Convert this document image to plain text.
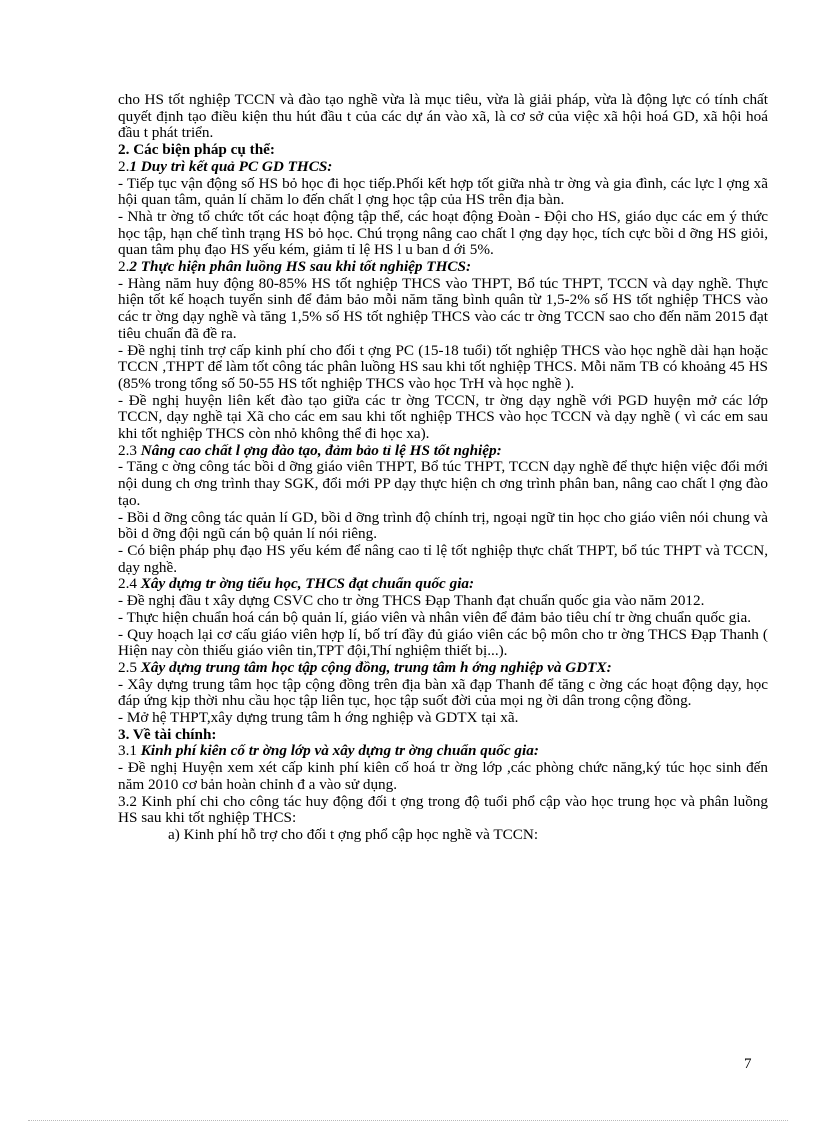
cho HS tốt nghiệp TCCN và đào tạo nghề vừa là mục tiêu, vừa là giải pháp, vừa là động lực có tính chất quyết định tạo điều kiện thu hút đầu t của các dự án vào xã, là cơ sở của việc xã hội hoá GD, xã hội hoá đầu t phát triển.

2. Các biện pháp cụ thể:

2.1 Duy trì kết quả PC GD THCS:

- Tiếp tục vận động số HS bỏ học đi học tiếp.Phối kết hợp tốt giữa nhà tr ờng và gia đình, các lực l ợng xã hội quan tâm, quản lí chăm lo đến chất l ợng học tập của HS trên địa bàn.

- Nhà tr ờng tổ chức tốt các hoạt động tập thể, các hoạt động Đoàn - Đội cho HS, giáo dục các em ý thức học tập, hạn chế tình trạng HS bỏ học. Chú trọng nâng cao chất l ợng dạy học, tích cực bồi d ỡng HS giỏi, quan tâm phụ đạo HS yếu kém, giảm tỉ lệ HS l u ban d ới 5%.

2.2 Thực hiện phân luồng HS sau khi tốt nghiệp THCS:

- Hàng năm huy động 80-85% HS tốt nghiệp THCS vào THPT, Bổ túc THPT, TCCN và dạy nghề. Thực hiện tốt kế hoạch tuyển sinh để đảm bảo mỗi năm tăng bình quân từ 1,5-2% số HS tốt nghiệp THCS vào các tr ờng dạy nghề và tăng 1,5% số HS tốt nghiệp THCS vào các tr ờng TCCN sao cho đến năm 2015 đạt tiêu chuẩn đã đề ra.

- Đề nghị tỉnh trợ cấp kinh phí cho đối t ợng PC (15-18 tuổi) tốt nghiệp THCS vào học nghề dài hạn hoặc TCCN ,THPT để làm tốt công tác phân luồng HS sau khi tốt nghiệp THCS. Mỗi năm TB có khoảng 45 HS (85% trong tổng số 50-55 HS tốt nghiệp THCS vào học TrH và học nghề ).

- Đề nghị huyện liên kết đào tạo giữa các tr ờng TCCN, tr ờng dạy nghề với PGD huyện mở các lớp TCCN, dạy nghề tại Xã cho các em sau khi tốt nghiệp THCS vào học TCCN và dạy nghề ( vì các em sau khi tốt nghiệp THCS còn nhỏ không thể đi học xa).

2.3 Nâng cao chất l ợng đào tạo, đảm bảo tỉ lệ HS tốt nghiệp:

- Tăng c ờng công tác bồi d ỡng giáo viên THPT, Bổ túc THPT, TCCN dạy nghề để thực hiện việc đổi mới nội dung ch ơng trình thay SGK, đổi mới PP dạy thực hiện ch ơng trình phân ban, nâng cao chất l ợng đào tạo.

- Bồi d ỡng công tác quản lí GD, bồi d ỡng trình độ chính trị, ngoại ngữ tin học cho giáo viên nói chung và bồi d ỡng đội ngũ cán bộ quản lí nói riêng.

- Có biện pháp phụ đạo HS yếu kém để nâng cao tỉ lệ tốt nghiệp thực chất THPT, bổ túc THPT và TCCN, dạy nghề.

2.4 Xây dựng tr ờng tiểu học, THCS đạt chuẩn quốc gia:

- Đề nghị đầu t xây dựng CSVC cho tr ờng THCS Đạp Thanh đạt chuẩn quốc gia vào năm 2012.

- Thực hiện chuẩn hoá cán bộ quản lí, giáo viên và nhân viên để đảm bảo tiêu chí tr ờng chuẩn quốc gia.

- Quy hoạch lại cơ cấu giáo viên hợp lí, bố trí đầy đủ giáo viên các bộ môn cho tr ờng THCS Đạp Thanh ( Hiện nay còn thiếu giáo viên tin,TPT đội,Thí nghiệm thiết bị...).

2.5 Xây dựng trung tâm học tập cộng đồng, trung tâm h ớng nghiệp và GDTX:

- Xây dựng trung tâm học tập cộng đồng trên địa bàn xã đạp Thanh để tăng c ờng các hoạt động dạy, học đáp ứng kịp thời nhu cầu học tập liên tục, học tập suốt đời của mọi ng ời dân trong cộng đồng.

- Mở hệ THPT,xây dựng trung tâm h ớng nghiệp và GDTX tại xã.

3. Về tài chính:

3.1 Kinh phí kiên cố tr ờng lớp và xây dựng tr ờng chuẩn quốc gia:

- Đề nghị Huyện xem xét cấp kinh phí kiên cố hoá tr ờng lớp ,các phòng chức năng,ký túc học sinh đến năm 2010 cơ bản hoàn chỉnh đ a vào sử dụng.

3.2 Kinh phí chi cho công tác huy động đối t ợng trong độ tuổi phổ cập vào học trung học và phân luồng HS sau khi tốt nghiệp THCS:

a) Kinh phí hỗ trợ cho đối t ợng phổ cập học nghề và TCCN:

7
